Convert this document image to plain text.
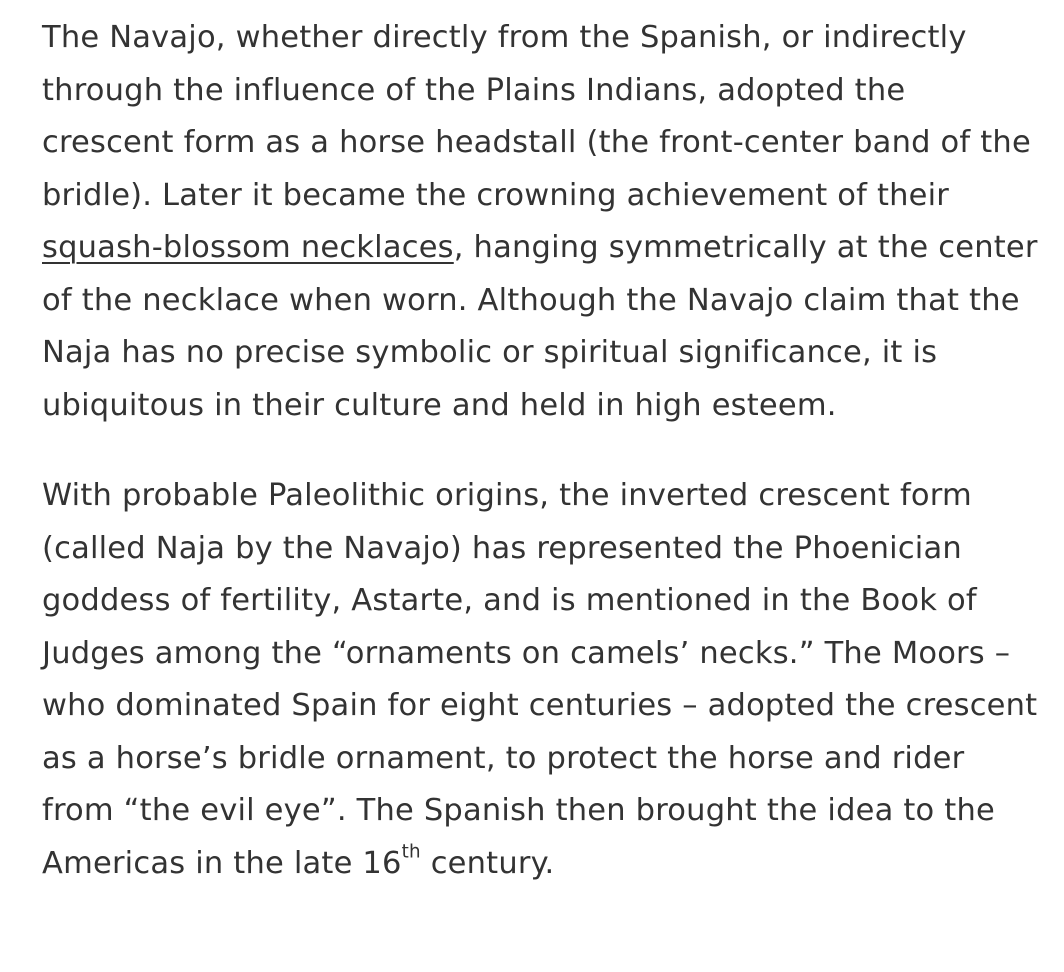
The Navajo, whether directly from the Spanish, or indirectly through the influence of the Plains Indians, adopted the crescent form as a horse headstall (the front-center band of the bridle). Later it became the crowning achievement of their squash-blossom necklaces, hanging symmetrically at the center of the necklace when worn. Although the Navajo claim that the Naja has no precise symbolic or spiritual significance, it is ubiquitous in their culture and held in high esteem.

With probable Paleolithic origins, the inverted crescent form (called Naja by the Navajo) has represented the Phoenician goddess of fertility, Astarte, and is mentioned in the Book of Judges among the “ornaments on camels’ necks.” The Moors – who dominated Spain for eight centuries – adopted the crescent as a horse’s bridle ornament, to protect the horse and rider from “the evil eye”. The Spanish then brought the idea to the Americas in the late 16th century.
